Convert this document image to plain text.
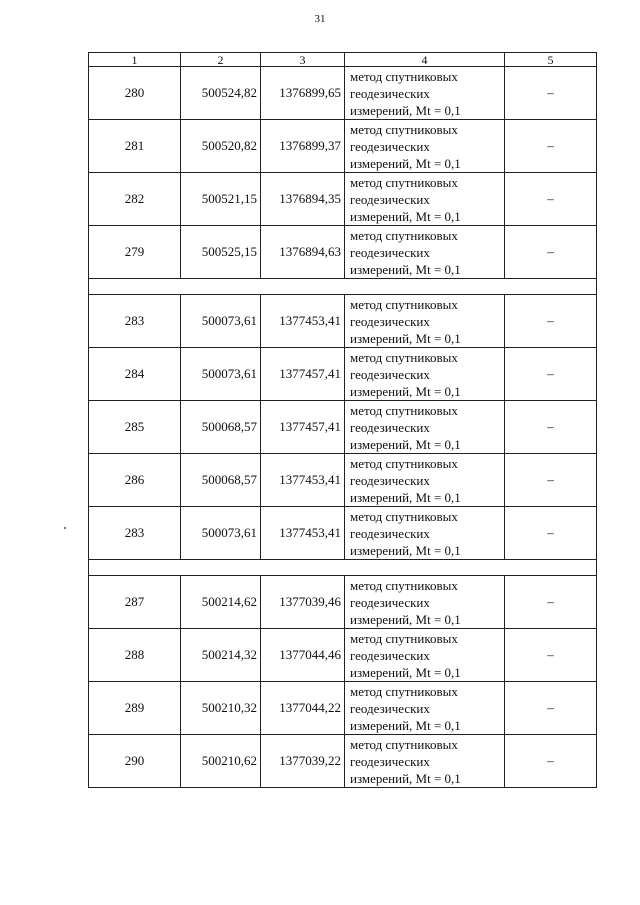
31
1	2	3	4	5
280	500524,82	1376899,65	метод спутниковых
геодезических
измерений, Mt = 0,1	–
281	500520,82	1376899,37	метод спутниковых
геодезических
измерений, Mt = 0,1	–
282	500521,15	1376894,35	метод спутниковых
геодезических
измерений, Mt = 0,1	–
279	500525,15	1376894,63	метод спутниковых
геодезических
измерений, Mt = 0,1	–

283	500073,61	1377453,41	метод спутниковых
геодезических
измерений, Mt = 0,1	–
284	500073,61	1377457,41	метод спутниковых
геодезических
измерений, Mt = 0,1	–
285	500068,57	1377457,41	метод спутниковых
геодезических
измерений, Mt = 0,1	–
286	500068,57	1377453,41	метод спутниковых
геодезических
измерений, Mt = 0,1	–
283	500073,61	1377453,41	метод спутниковых
геодезических
измерений, Mt = 0,1	–

287	500214,62	1377039,46	метод спутниковых
геодезических
измерений, Mt = 0,1	–
288	500214,32	1377044,46	метод спутниковых
геодезических
измерений, Mt = 0,1	–
289	500210,32	1377044,22	метод спутниковых
геодезических
измерений, Mt = 0,1	–
290	500210,62	1377039,22	метод спутниковых
геодезических
измерений, Mt = 0,1	–
